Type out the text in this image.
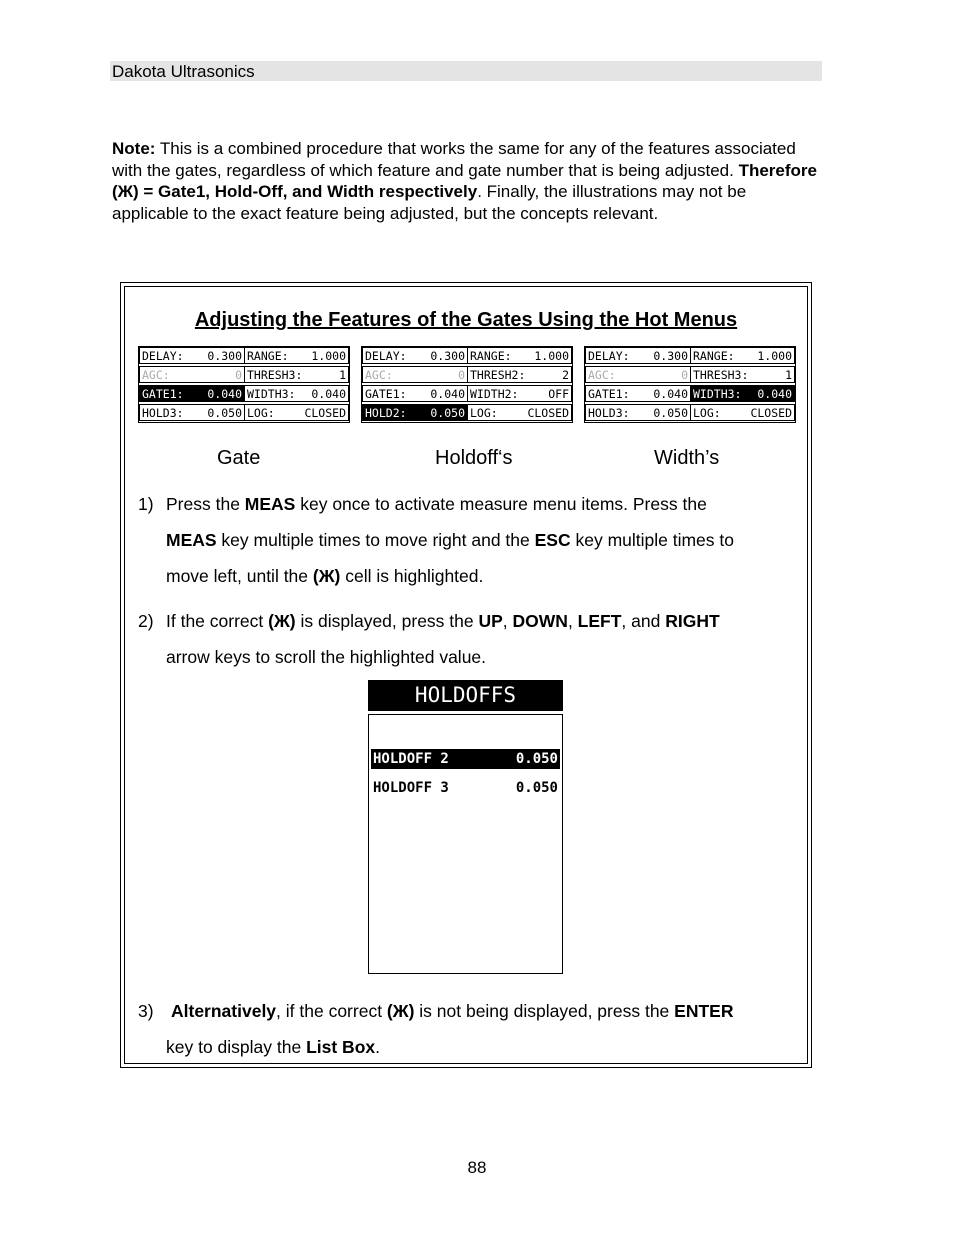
Dakota Ultrasonics
Note: This is a combined procedure that works the same for any of the features associated with the gates, regardless of which feature and gate number that is being adjusted. Therefore (Ж) = Gate1, Hold-Off, and Width respectively. Finally, the illustrations may not be applicable to the exact feature being adjusted, but the concepts relevant.
Adjusting the Features of the Gates Using the Hot Menus
DELAY: 0.300 RANGE: 1.000
AGC:	0 THRESH3:	1
GATE1: 0.040 WIDTH3: 0.040
HOLD3: 0.050 LOG:	CLOSED
DELAY: 0.300 RANGE: 1.000
AGC:	0 THRESH2:	2
GATE1: 0.040 WIDTH2:	OFF
HOLD2: 0.050 LOG:	CLOSED
DELAY: 0.300 RANGE: 1.000
AGC:	0 THRESH3:	1
GATE1: 0.040 WIDTH3: 0.040
HOLD3: 0.050 LOG:	CLOSED
Gate	Holdoff‘s	Width’s
1) Press the MEAS key once to activate measure menu items. Press the
MEAS key multiple times to move right and the ESC key multiple times to
move left, until the (Ж) cell is highlighted.
2) If the correct (Ж) is displayed, press the UP, DOWN, LEFT, and RIGHT
arrow keys to scroll the highlighted value.
HOLDOFFS
HOLDOFF 2	0.050
HOLDOFF 3	0.050
3) Alternatively, if the correct (Ж) is not being displayed, press the ENTER
key to display the List Box.
88
